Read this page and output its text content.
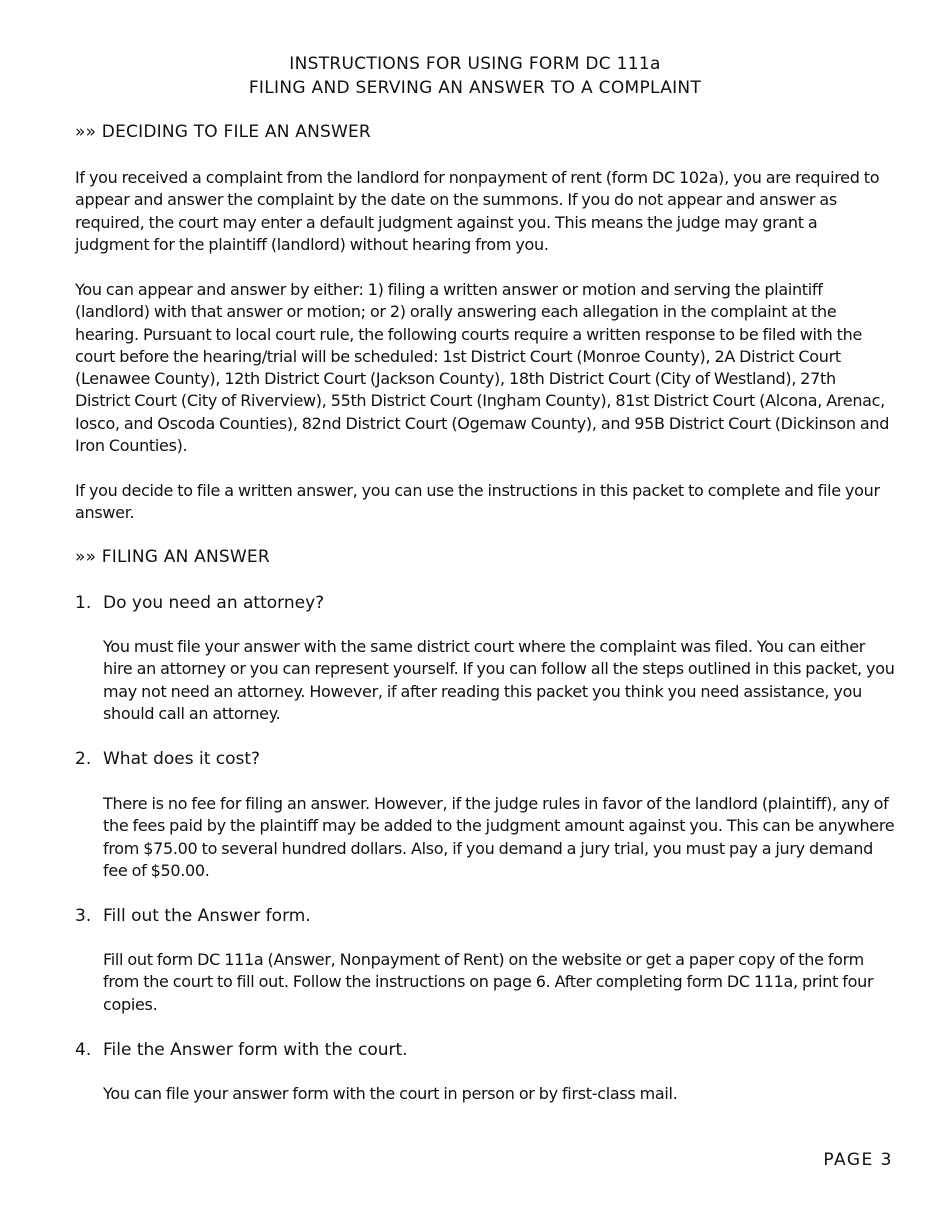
INSTRUCTIONS FOR USING FORM DC 111a
FILING AND SERVING AN ANSWER TO A COMPLAINT
»» DECIDING TO FILE AN ANSWER
If you received a complaint from the landlord for nonpayment of rent (form DC 102a), you are required to appear and answer the complaint by the date on the summons. If you do not appear and answer as required, the court may enter a default judgment against you. This means the judge may grant a judgment for the plaintiff (landlord) without hearing from you.
You can appear and answer by either: 1) filing a written answer or motion and serving the plaintiff (landlord) with that answer or motion; or 2) orally answering each allegation in the complaint at the hearing. Pursuant to local court rule, the following courts require a written response to be filed with the court before the hearing/trial will be scheduled: 1st District Court (Monroe County), 2A District Court (Lenawee County), 12th District Court (Jackson County), 18th District Court (City of Westland), 27th District Court (City of Riverview), 55th District Court (Ingham County), 81st District Court (Alcona, Arenac, Iosco, and Oscoda Counties), 82nd District Court (Ogemaw County), and 95B District Court (Dickinson and Iron Counties).
If you decide to file a written answer, you can use the instructions in this packet to complete and file your answer.
»» FILING AN ANSWER
1. Do you need an attorney?
You must file your answer with the same district court where the complaint was filed. You can either hire an attorney or you can represent yourself. If you can follow all the steps outlined in this packet, you may not need an attorney. However, if after reading this packet you think you need assistance, you should call an attorney.
2. What does it cost?
There is no fee for filing an answer. However, if the judge rules in favor of the landlord (plaintiff), any of the fees paid by the plaintiff may be added to the judgment amount against you. This can be anywhere from $75.00 to several hundred dollars. Also, if you demand a jury trial, you must pay a jury demand fee of $50.00.
3. Fill out the Answer form.
Fill out form DC 111a (Answer, Nonpayment of Rent) on the website or get a paper copy of the form from the court to fill out. Follow the instructions on page 6. After completing form DC 111a, print four copies.
4. File the Answer form with the court.
You can file your answer form with the court in person or by first-class mail.
PAGE 3
